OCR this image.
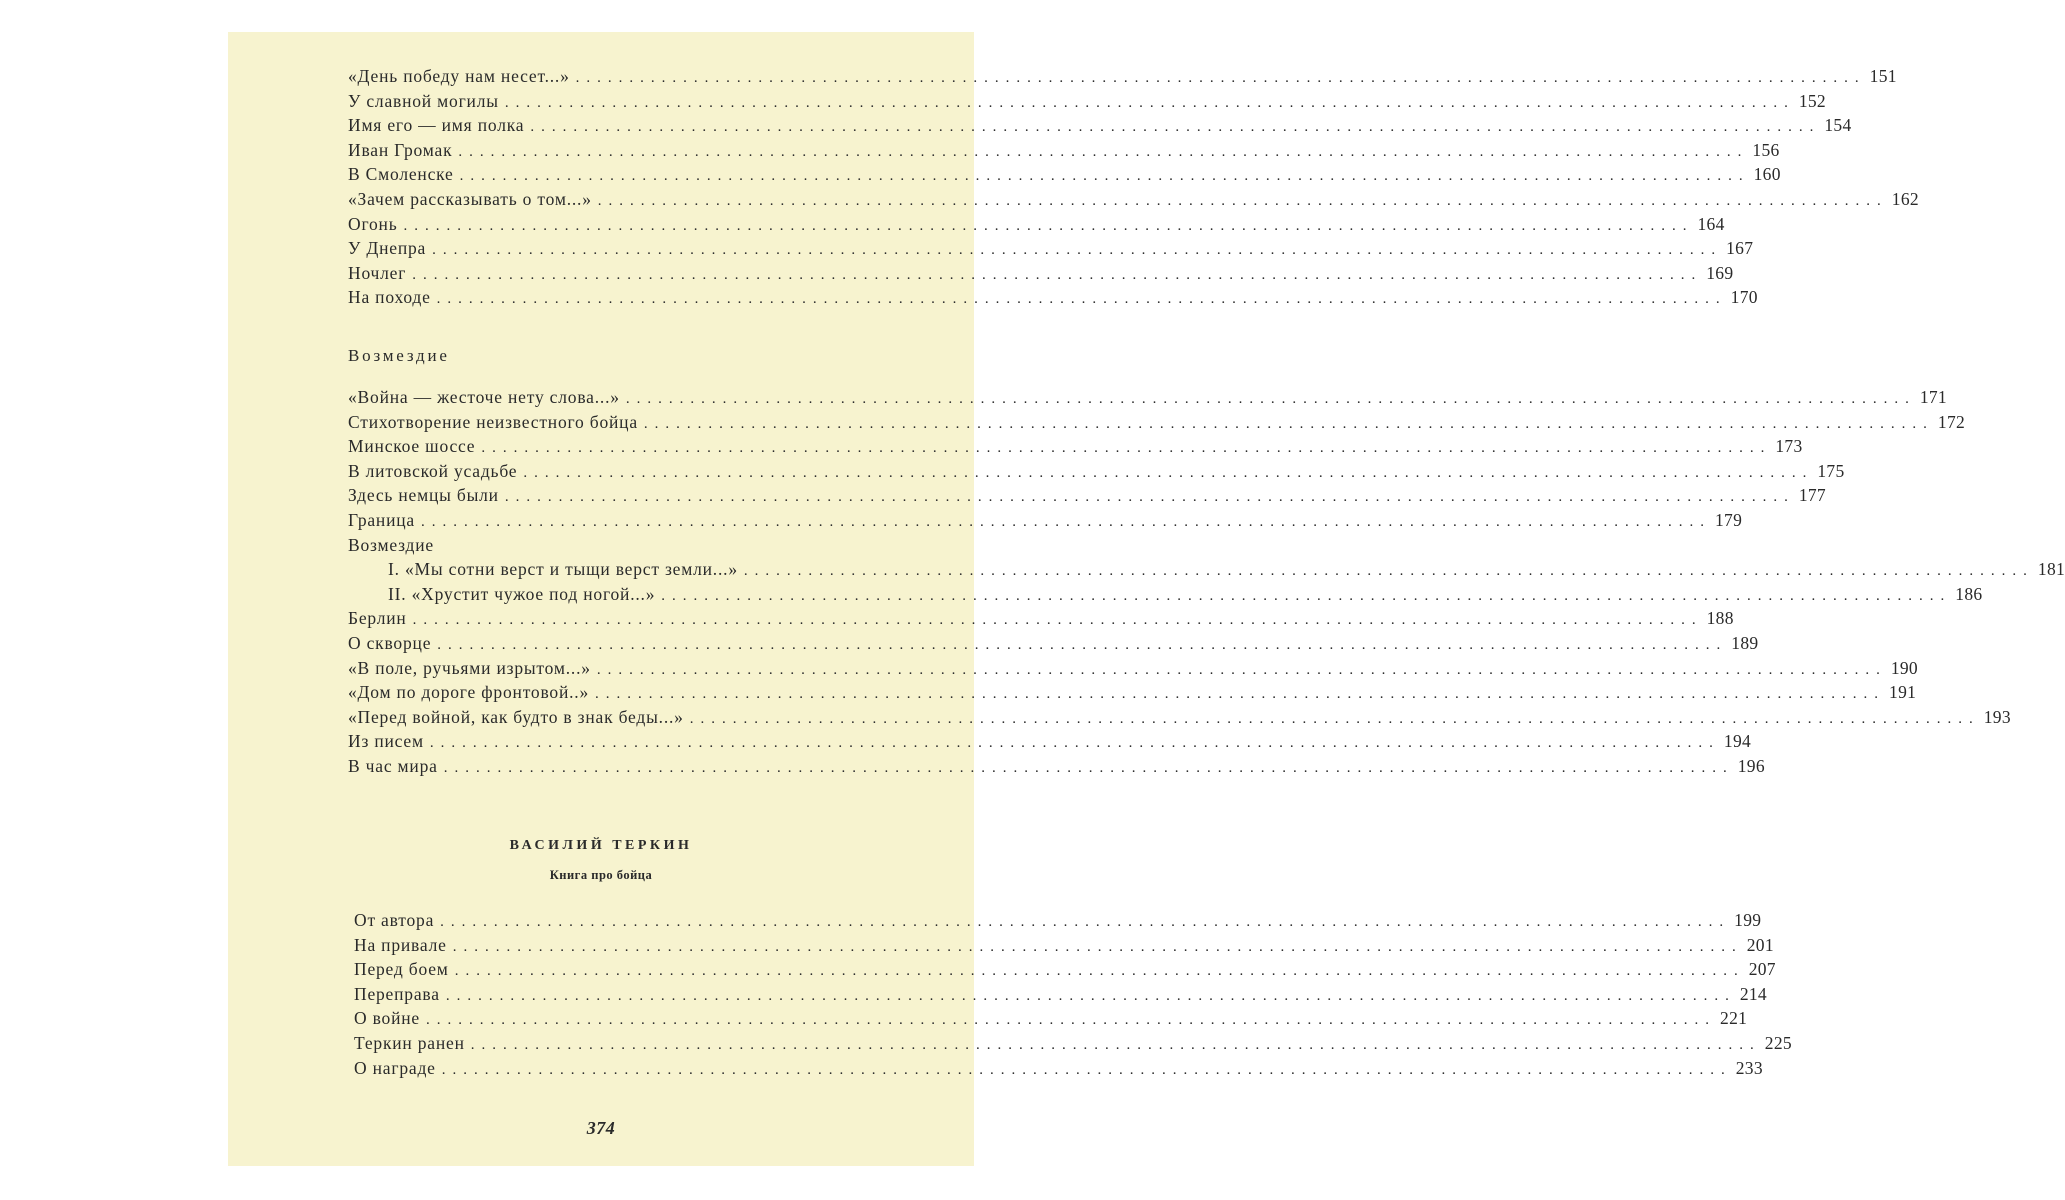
«День победу нам несет...» ........................................................................................................................ 151
У славной могилы ........................................................................................................................ 152
Имя его — имя полка ........................................................................................................................ 154
Иван Громак ........................................................................................................................ 156
В Смоленске ........................................................................................................................ 160
«Зачем рассказывать о том...» ........................................................................................................................ 162
Огонь ........................................................................................................................ 164
У Днепра ........................................................................................................................ 167
Ночлег ........................................................................................................................ 169
На походе ........................................................................................................................ 170
Возмездие
«Война — жесточе нету слова...» ........................................................................................................................ 171
Стихотворение неизвестного бойца ........................................................................................................................ 172
Минское шоссе ........................................................................................................................ 173
В литовской усадьбе ........................................................................................................................ 175
Здесь немцы были ........................................................................................................................ 177
Граница ........................................................................................................................ 179
Возмездие
I. «Мы сотни верст и тыщи верст земли...» ........................................................................................................................ 181
II. «Хрустит чужое под ногой...» ........................................................................................................................ 186
Берлин ........................................................................................................................ 188
О скворце ........................................................................................................................ 189
«В поле, ручьями изрытом...» ........................................................................................................................ 190
«Дом по дороге фронтовой..» ........................................................................................................................ 191
«Перед войной, как будто в знак беды...» ........................................................................................................................ 193
Из писем ........................................................................................................................ 194
В час мира ........................................................................................................................ 196
ВАСИЛИЙ ТЕРКИН
Книга про бойца
От автора ........................................................................................................................ 199
На привале ........................................................................................................................ 201
Перед боем ........................................................................................................................ 207
Переправа ........................................................................................................................ 214
О войне ........................................................................................................................ 221
Теркин ранен ........................................................................................................................ 225
О награде ........................................................................................................................ 233
374
